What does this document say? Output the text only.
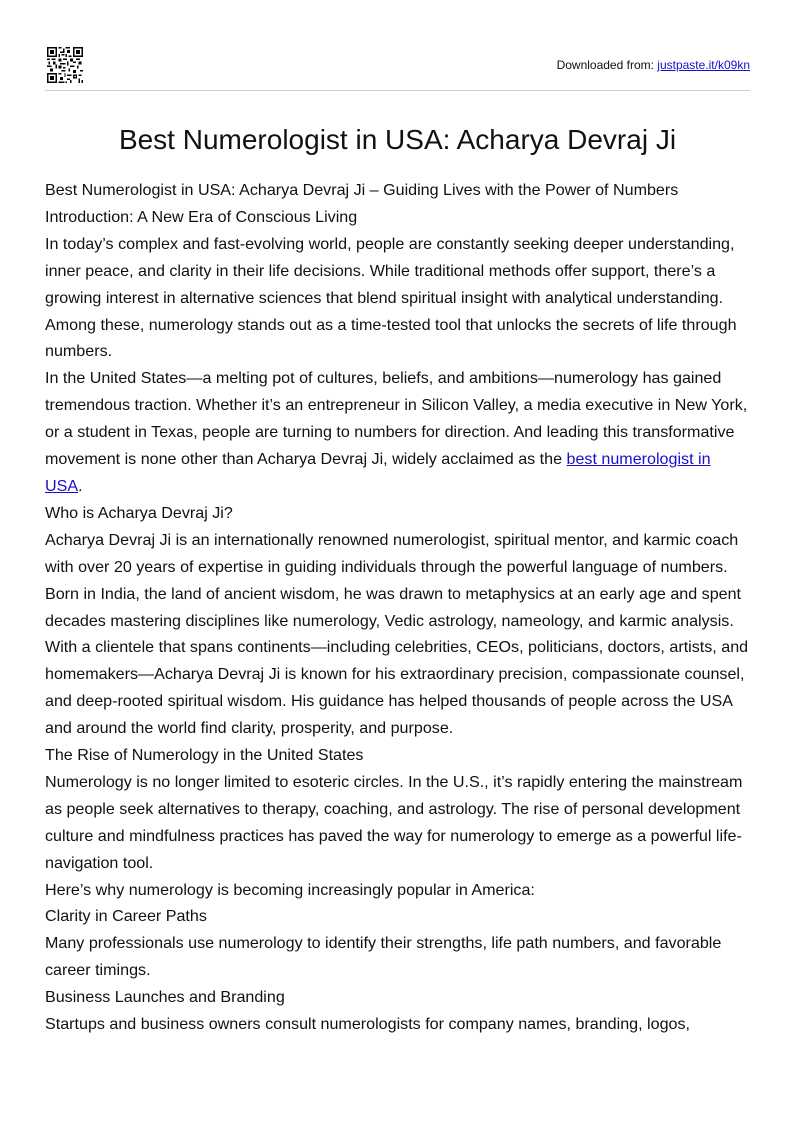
Downloaded from: justpaste.it/k09kn
Best Numerologist in USA: Acharya Devraj Ji

Best Numerologist in USA: Acharya Devraj Ji – Guiding Lives with the Power of Numbers

Introduction: A New Era of Conscious Living

In today’s complex and fast-evolving world, people are constantly seeking deeper understanding, inner peace, and clarity in their life decisions. While traditional methods offer support, there’s a growing interest in alternative sciences that blend spiritual insight with analytical understanding. Among these, numerology stands out as a time-tested tool that unlocks the secrets of life through numbers.

In the United States—a melting pot of cultures, beliefs, and ambitions—numerology has gained tremendous traction. Whether it’s an entrepreneur in Silicon Valley, a media executive in New York, or a student in Texas, people are turning to numbers for direction. And leading this transformative movement is none other than Acharya Devraj Ji, widely acclaimed as the best numerologist in USA.

Who is Acharya Devraj Ji?

Acharya Devraj Ji is an internationally renowned numerologist, spiritual mentor, and karmic coach with over 20 years of expertise in guiding individuals through the powerful language of numbers. Born in India, the land of ancient wisdom, he was drawn to metaphysics at an early age and spent decades mastering disciplines like numerology, Vedic astrology, nameology, and karmic analysis.

With a clientele that spans continents—including celebrities, CEOs, politicians, doctors, artists, and homemakers—Acharya Devraj Ji is known for his extraordinary precision, compassionate counsel, and deep-rooted spiritual wisdom. His guidance has helped thousands of people across the USA and around the world find clarity, prosperity, and purpose.

The Rise of Numerology in the United States

Numerology is no longer limited to esoteric circles. In the U.S., it’s rapidly entering the mainstream as people seek alternatives to therapy, coaching, and astrology. The rise of personal development culture and mindfulness practices has paved the way for numerology to emerge as a powerful life-navigation tool.

Here’s why numerology is becoming increasingly popular in America:

Clarity in Career Paths

Many professionals use numerology to identify their strengths, life path numbers, and favorable career timings.

Business Launches and Branding

Startups and business owners consult numerologists for company names, branding, logos,
